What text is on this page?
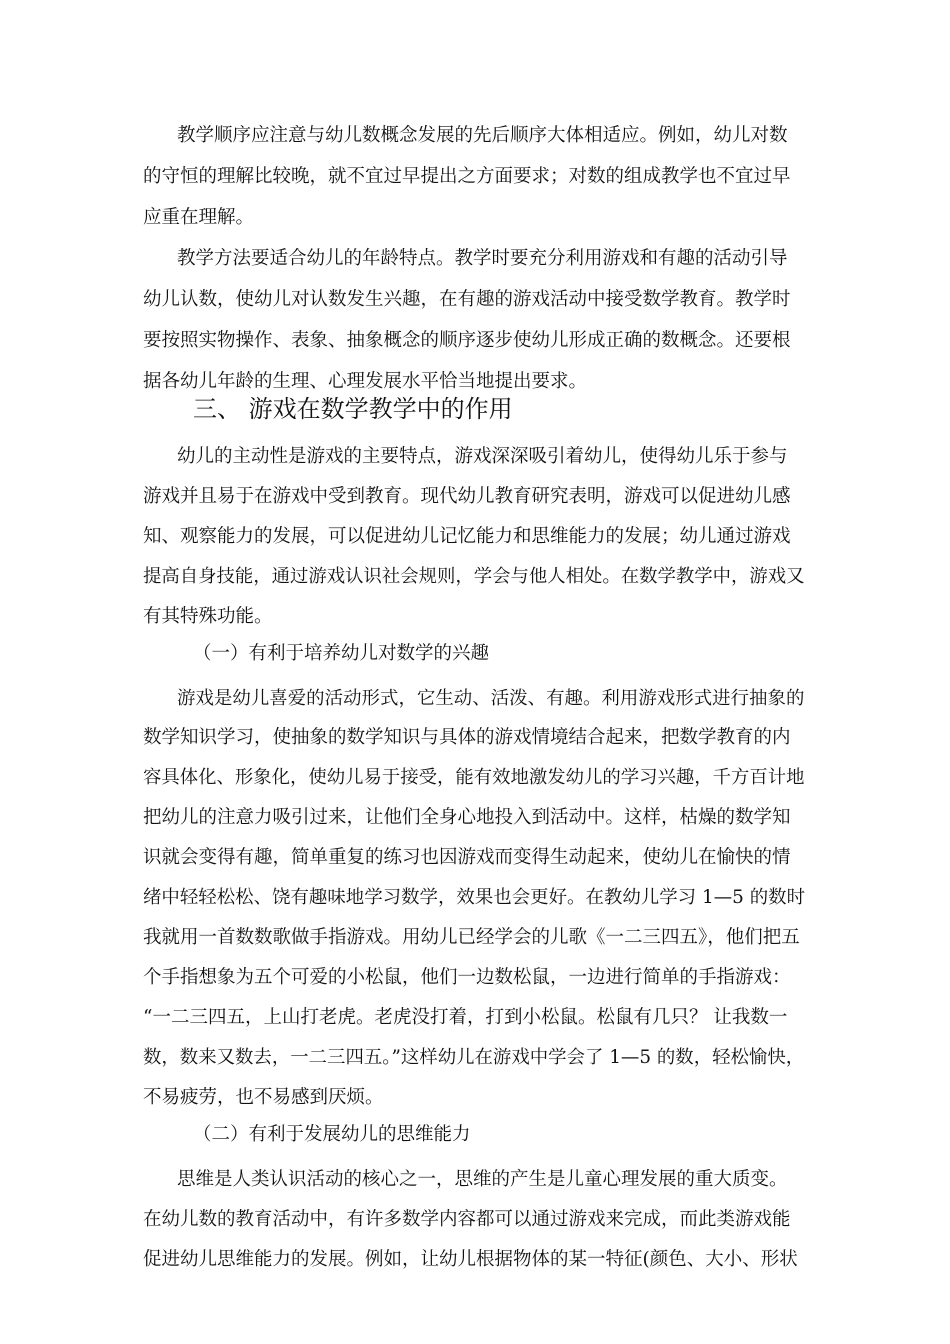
教学顺序应注意与幼儿数概念发展的先后顺序大体相适应。例如，幼儿对数
的守恒的理解比较晚，就不宜过早提出之方面要求；对数的组成教学也不宜过早
应重在理解。
教学方法要适合幼儿的年龄特点。教学时要充分利用游戏和有趣的活动引导
幼儿认数，使幼儿对认数发生兴趣，在有趣的游戏活动中接受数学教育。教学时
要按照实物操作、表象、抽象概念的顺序逐步使幼儿形成正确的数概念。还要根
据各幼儿年龄的生理、心理发展水平恰当地提出要求。
三、 游戏在数学教学中的作用
幼儿的主动性是游戏的主要特点，游戏深深吸引着幼儿，使得幼儿乐于参与
游戏并且易于在游戏中受到教育。现代幼儿教育研究表明，游戏可以促进幼儿感
知、观察能力的发展，可以促进幼儿记忆能力和思维能力的发展；幼儿通过游戏
提高自身技能，通过游戏认识社会规则，学会与他人相处。在数学教学中，游戏又
有其特殊功能。
（一）有利于培养幼儿对数学的兴趣
游戏是幼儿喜爱的活动形式，它生动、活泼、有趣。利用游戏形式进行抽象的
数学知识学习，使抽象的数学知识与具体的游戏情境结合起来，把数学教育的内
容具体化、形象化，使幼儿易于接受，能有效地激发幼儿的学习兴趣，千方百计地
把幼儿的注意力吸引过来，让他们全身心地投入到活动中。这样，枯燥的数学知
识就会变得有趣，简单重复的练习也因游戏而变得生动起来，使幼儿在愉快的情
绪中轻轻松松、饶有趣味地学习数学，效果也会更好。在教幼儿学习 1—5 的数时
我就用一首数数歌做手指游戏。用幼儿已经学会的儿歌《一二三四五》，他们把五
个手指想象为五个可爱的小松鼠，他们一边数松鼠，一边进行简单的手指游戏：
“一二三四五，上山打老虎。老虎没打着，打到小松鼠。松鼠有几只？ 让我数一
数，数来又数去，一二三四五。”这样幼儿在游戏中学会了 1—5 的数，轻松愉快，
不易疲劳，也不易感到厌烦。
（二）有利于发展幼儿的思维能力
思维是人类认识活动的核心之一，思维的产生是儿童心理发展的重大质变。
在幼儿数的教育活动中，有许多数学内容都可以通过游戏来完成，而此类游戏能
促进幼儿思维能力的发展。例如，让幼儿根据物体的某一特征(颜色、大小、形状
